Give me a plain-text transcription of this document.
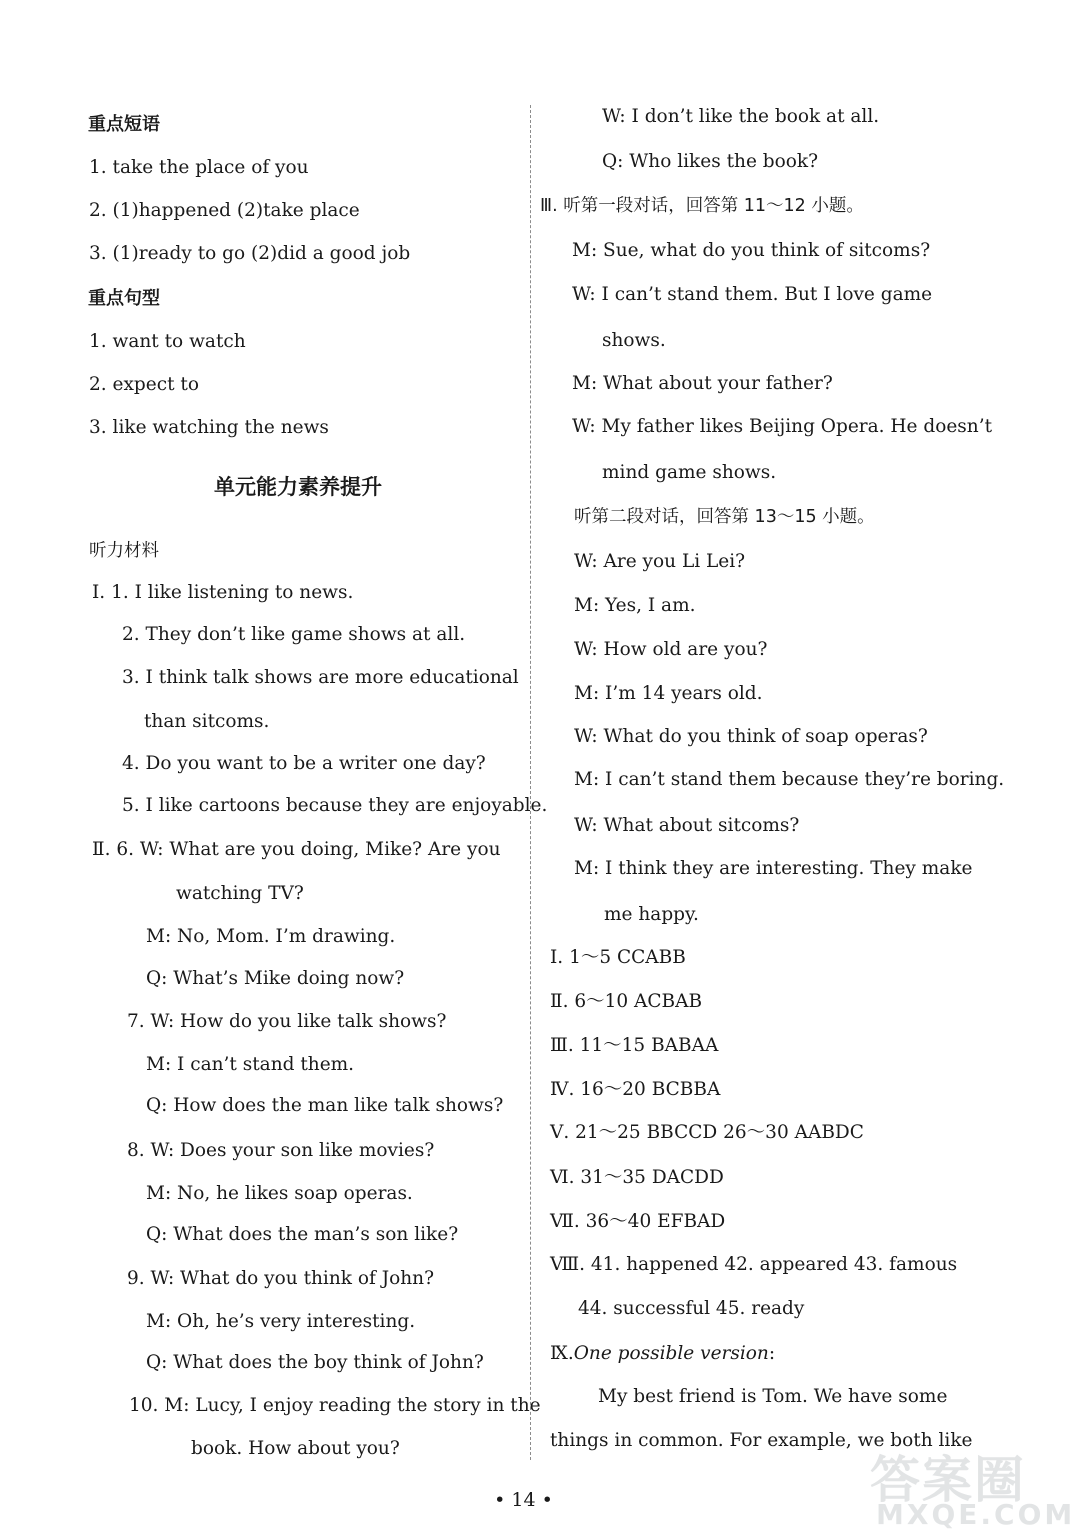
重点短语
1. take the place of you
2. (1)happened (2)take place
3. (1)ready to go (2)did a good job
重点句型
1. want to watch
2. expect to
3. like watching the news
单元能力素养提升
听力材料
Ⅰ. 1. I like listening to news.
2. They don’t like game shows at all.
3. I think talk shows are more educational
than sitcoms.
4. Do you want to be a writer one day?
5. I like cartoons because they are enjoyable.
Ⅱ. 6. W: What are you doing, Mike? Are you
watching TV?
M: No, Mom. I’m drawing.
Q: What’s Mike doing now?
7. W: How do you like talk shows?
M: I can’t stand them.
Q: How does the man like talk shows?
8. W: Does your son like movies?
M: No, he likes soap operas.
Q: What does the man’s son like?
9. W: What do you think of John?
M: Oh, he’s very interesting.
Q: What does the boy think of John?
10. M: Lucy, I enjoy reading the story in the
book. How about you?
W: I don’t like the book at all.
Q: Who likes the book?
Ⅲ. 听第一段对话，回答第 11～12 小题。
M: Sue, what do you think of sitcoms?
W: I can’t stand them. But I love game
shows.
M: What about your father?
W: My father likes Beijing Opera. He doesn’t
mind game shows.
听第二段对话，回答第 13～15 小题。
W: Are you Li Lei?
M: Yes, I am.
W: How old are you?
M: I’m 14 years old.
W: What do you think of soap operas?
M: I can’t stand them because they’re boring.
W: What about sitcoms?
M: I think they are interesting. They make
me happy.
Ⅰ. 1～5 CCABB
Ⅱ. 6～10 ACBAB
Ⅲ. 11～15 BABAA
Ⅳ. 16～20 BCBBA
Ⅴ. 21～25 BBCCD 26～30 AABDC
Ⅵ. 31～35 DACDD
Ⅶ. 36～40 EFBAD
Ⅷ. 41. happened 42. appeared 43. famous
44. successful 45. ready
Ⅸ.One possible version:
My best friend is Tom. We have some
things in common. For example, we both like
• 14 •	答案圈
MXQE.COM
